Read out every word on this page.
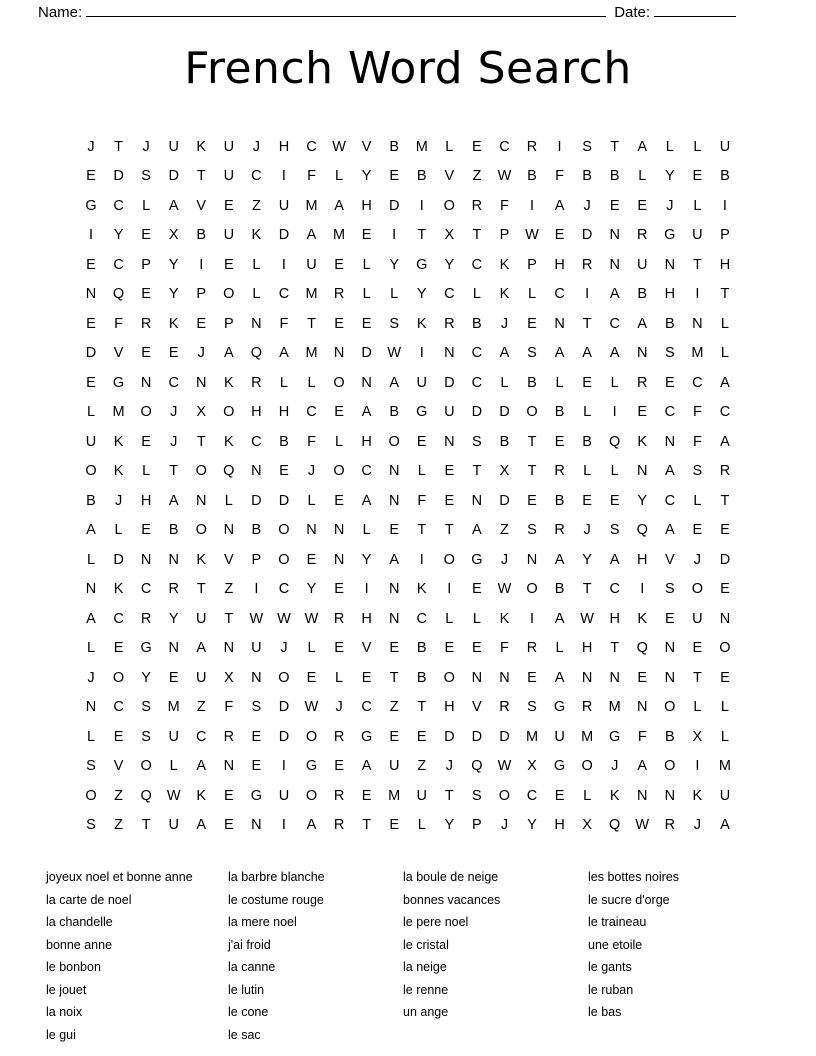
Name:	Date:
French Word Search
J	T	J	U	K	U	J	H	C	W	V	B	M	L	E	C	R	I	S	T	A	L	L	U
E	D	S	D	T	U	C	I	F	L	Y	E	B	V	Z	W	B	F	B	B	L	Y	E	B
G	C	L	A	V	E	Z	U	M	A	H	D	I	O	R	F	I	A	J	E	E	J	L	I
I	Y	E	X	B	U	K	D	A	M	E	I	T	X	T	P	W	E	D	N	R	G	U	P
E	C	P	Y	I	E	L	I	U	E	L	Y	G	Y	C	K	P	H	R	N	U	N	T	H
N	Q	E	Y	P	O	L	C	M	R	L	L	Y	C	L	K	L	C	I	A	B	H	I	T
E	F	R	K	E	P	N	F	T	E	E	S	K	R	B	J	E	N	T	C	A	B	N	L
D	V	E	E	J	A	Q	A	M	N	D	W	I	N	C	A	S	A	A	A	N	S	M	L
E	G	N	C	N	K	R	L	L	O	N	A	U	D	C	L	B	L	E	L	R	E	C	A
L	M	O	J	X	O	H	H	C	E	A	B	G	U	D	D	O	B	L	I	E	C	F	C
U	K	E	J	T	K	C	B	F	L	H	O	E	N	S	B	T	E	B	Q	K	N	F	A
O	K	L	T	O	Q	N	E	J	O	C	N	L	E	T	X	T	R	L	L	N	A	S	R
B	J	H	A	N	L	D	D	L	E	A	N	F	E	N	D	E	B	E	E	Y	C	L	T
A	L	E	B	O	N	B	O	N	N	L	E	T	T	A	Z	S	R	J	S	Q	A	E	E
L	D	N	N	K	V	P	O	E	N	Y	A	I	O	G	J	N	A	Y	A	H	V	J	D
N	K	C	R	T	Z	I	C	Y	E	I	N	K	I	E	W	O	B	T	C	I	S	O	E
A	C	R	Y	U	T	W W W	R	H	N	C	L	L	K	I	A	W	H	K	E	U	N
L	E	G	N	A	N	U	J	L	E	V	E	B	E	E	F	R	L	H	T	Q	N	E	O
J	O	Y	E	U	X	N	O	E	L	E	T	B	O	N	N	E	A	N	N	E	N	T	E
N	C	S	M	Z	F	S	D	W	J	C	Z	T	H	V	R	S	G	R	M	N	O	L	L
L	E	S	U	C	R	E	D	O	R	G	E	E	D	D	D	M	U	M	G	F	B	X	L
S	V	O	L	A	N	E	I	G	E	A	U	Z	J	Q	W	X	G	O	J	A	O	I	M
O	Z	Q	W	K	E	G	U	O	R	E	M	U	T	S	O	C	E	L	K	N	N	K	U
S	Z	T	U	A	E	N	I	A	R	T	E	L	Y	P	J	Y	H	X	Q	W	R	J	A
joyeux noel et bonne anne
la carte de noel
la chandelle
bonne anne
le bonbon
le jouet
la noix
le gui
la barbre blanche
le costume rouge
la mere noel
j'ai froid
la canne
le lutin
le cone
le sac
la boule de neige
bonnes vacances
le pere noel
le cristal
la neige
le renne
un ange
les bottes noires
le sucre d'orge
le traineau
une etoile
le gants
le ruban
le bas
